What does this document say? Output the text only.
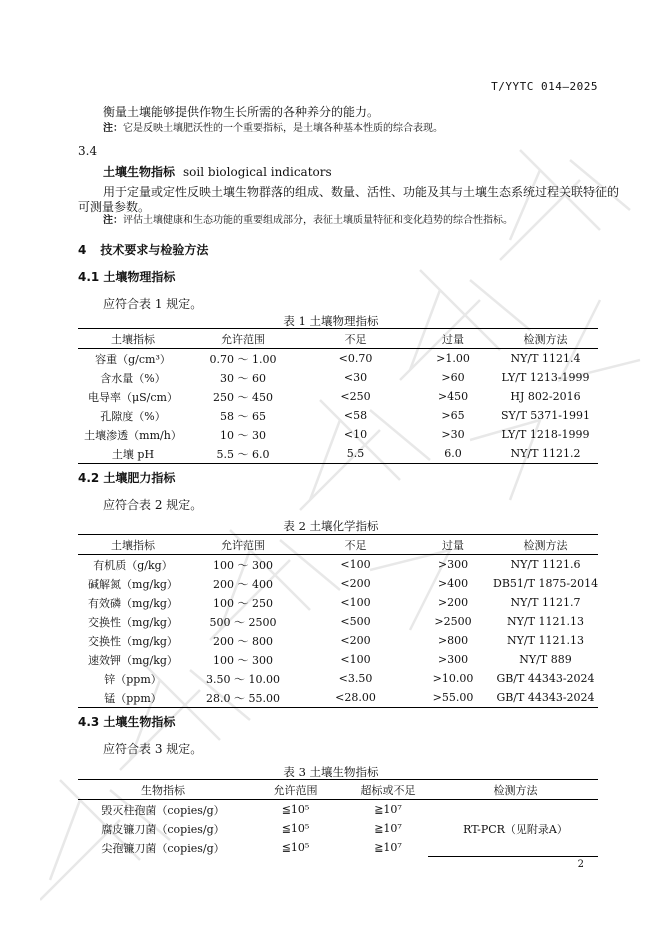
T/YYTC 014—2025
衡量土壤能够提供作物生长所需的各种养分的能力。
注：它是反映土壤肥沃性的一个重要指标，是土壤各种基本性质的综合表现。
3.4
土壤生物指标 soil biological indicators
用于定量或定性反映土壤生物群落的组成、数量、活性、功能及其与土壤生态系统过程关联特征的
可测量参数。
注：评估土壤健康和生态功能的重要组成部分，表征土壤质量特征和变化趋势的综合性指标。
4 技术要求与检验方法
4.1 土壤物理指标
应符合表 1 规定。
表 1 土壤物理指标
土壤指标	允许范围	不足	过量	检测方法
容重（g/cm³）	0.70 ～ 1.00	<0.70	>1.00	NY/T 1121.4
含水量（%）	30 ～ 60	<30	>60	LY/T 1213-1999
电导率（μS/cm）	250 ～ 450	<250	>450	HJ 802-2016
孔隙度（%）	58 ～ 65	<58	>65	SY/T 5371-1991
土壤渗透（mm/h）	10 ～ 30	<10	>30	LY/T 1218-1999
土壤 pH	5.5 ～ 6.0	5.5	6.0	NY/T 1121.2
4.2 土壤肥力指标
应符合表 2 规定。
表 2 土壤化学指标
土壤指标	允许范围	不足	过量	检测方法
有机质（g/kg）	100 ～ 300	<100	>300	NY/T 1121.6
碱解氮（mg/kg）	200 ～ 400	<200	>400	DB51/T 1875-2014
有效磷（mg/kg）	100 ～ 250	<100	>200	NY/T 1121.7
交换性（mg/kg）	500 ～ 2500	<500	>2500	NY/T 1121.13
交换性（mg/kg）	200 ～ 800	<200	>800	NY/T 1121.13
速效钾（mg/kg）	100 ～ 300	<100	>300	NY/T 889
锌（ppm）	3.50 ～ 10.00	<3.50	>10.00	GB/T 44343-2024
锰（ppm）	28.0 ～ 55.00	<28.00	>55.00	GB/T 44343-2024
4.3 土壤生物指标
应符合表 3 规定。
表 3 土壤生物指标
生物指标	允许范围	超标或不足	检测方法
毁灭柱孢菌（copies/g）	≦10⁵	≧10⁷	RT-PCR（见附录A）
腐皮镰刀菌（copies/g）	≦10⁵	≧10⁷	
尖孢镰刀菌（copies/g）	≦10⁵	≧10⁷	
2
